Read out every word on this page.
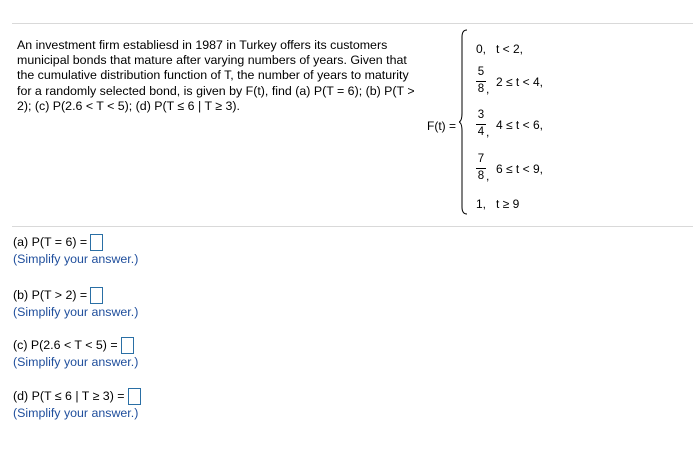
An investment firm establiesd in 1987 in Turkey offers its customers municipal bonds that mature after varying numbers of years. Given that the cumulative distribution function of T, the number of years to maturity for a randomly selected bond, is given by F(t), find (a) P(T = 6); (b) P(T > 2); (c) P(2.6 < T < 5); (d) P(T ≤ 6 | T ≥ 3).
F(t) =
0, t < 2,
5
8 , 2 ≤ t < 4,
3
4 , 4 ≤ t < 6,
7
8 , 6 ≤ t < 9,
1, t ≥ 9
(a) P(T = 6) =
(Simplify your answer.)
(b) P(T > 2) =
(Simplify your answer.)
(c) P(2.6 < T < 5) =
(Simplify your answer.)
(d) P(T ≤ 6 | T ≥ 3) =
(Simplify your answer.)
